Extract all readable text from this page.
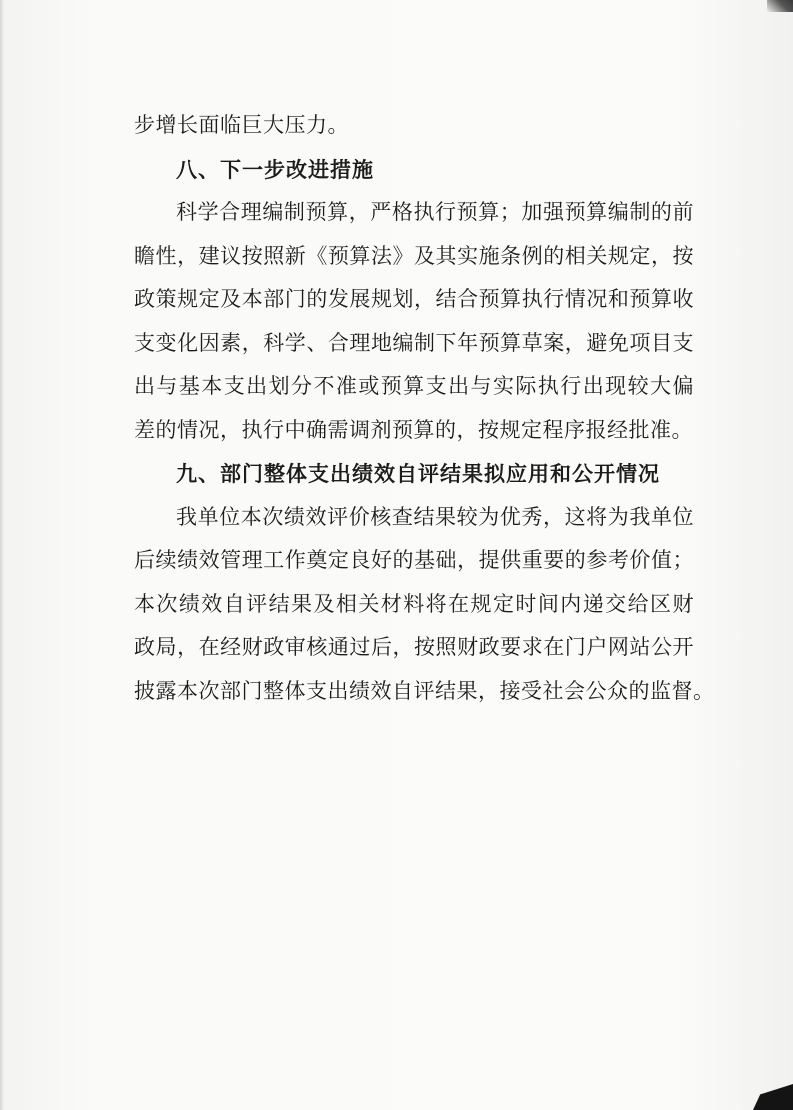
步增长面临巨大压力。
八、下一步改进措施
科学合理编制预算，严格执行预算；加强预算编制的前
瞻性，建议按照新《预算法》及其实施条例的相关规定，按
政策规定及本部门的发展规划，结合预算执行情况和预算收
支变化因素，科学、合理地编制下年预算草案，避免项目支
出与基本支出划分不准或预算支出与实际执行出现较大偏
差的情况，执行中确需调剂预算的，按规定程序报经批准。
九、部门整体支出绩效自评结果拟应用和公开情况
我单位本次绩效评价核查结果较为优秀，这将为我单位
后续绩效管理工作奠定良好的基础，提供重要的参考价值；
本次绩效自评结果及相关材料将在规定时间内递交给区财
政局，在经财政审核通过后，按照财政要求在门户网站公开
披露本次部门整体支出绩效自评结果，接受社会公众的监督。
